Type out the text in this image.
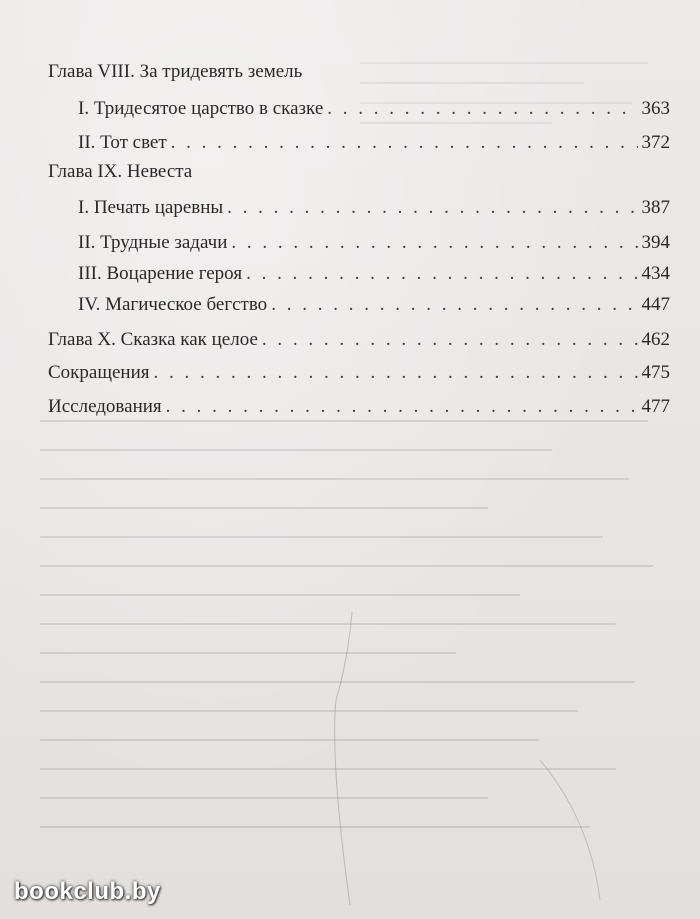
Глава VIII. За тридевять земель
I. Тридесятое царство в сказке . . .	363
II. Тот свет . . .	372
Глава IX. Невеста
I. Печать царевны . . .	387
II. Трудные задачи . . .	394
III. Воцарение героя . . .	434
IV. Магическое бегство . . .	447
Глава X. Сказка как целое . . .	462
Сокращения . . .	475
Исследования . . .	477
bookclub.by
